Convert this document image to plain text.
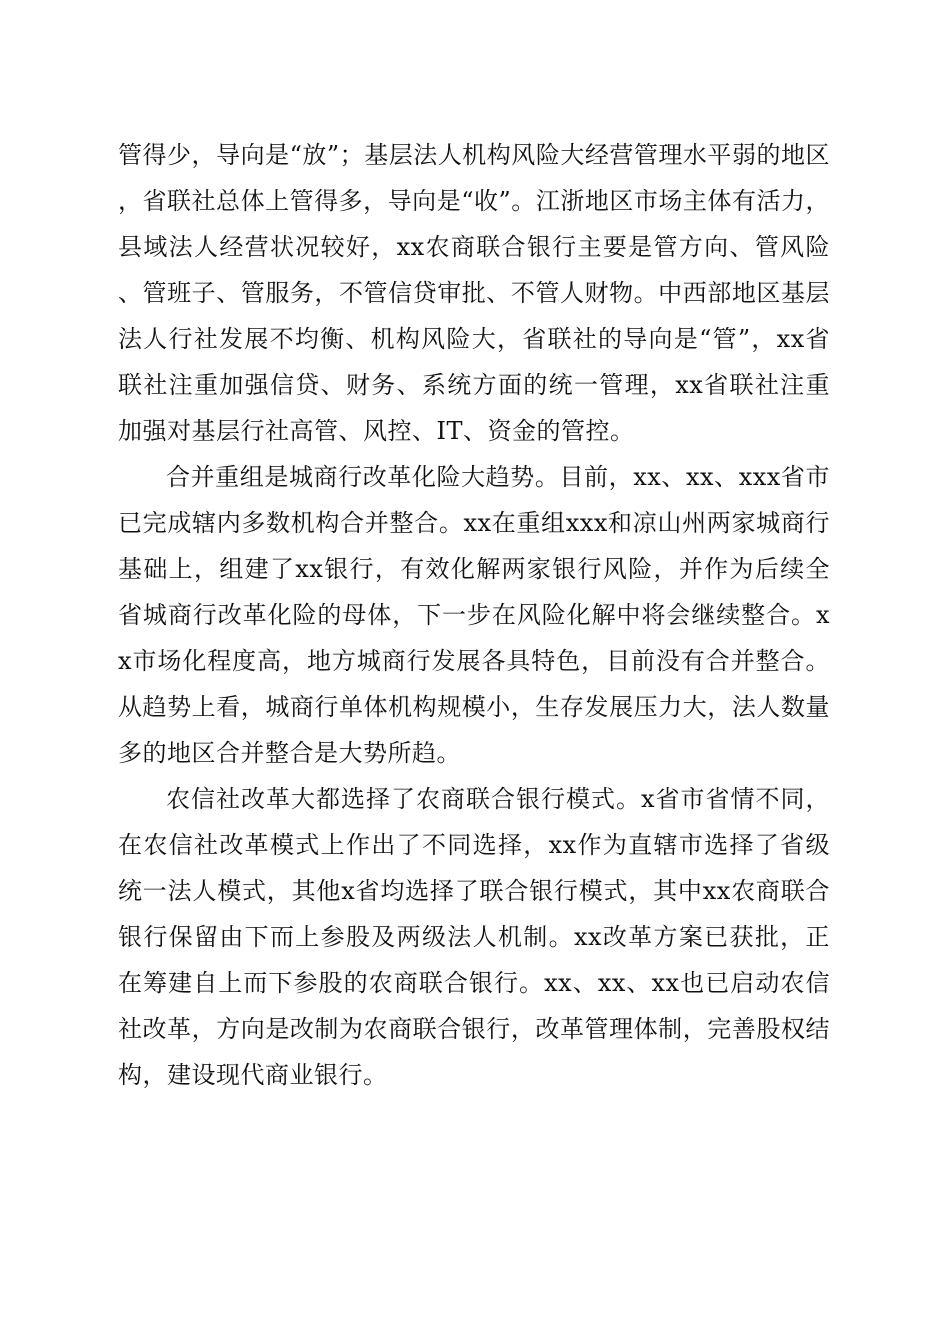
管得少，导向是“放”；基层法人机构风险大经营管理水平弱的地区，省联社总体上管得多，导向是“收”。江浙地区市场主体有活力，县域法人经营状况较好，xx农商联合银行主要是管方向、管风险、管班子、管服务，不管信贷审批、不管人财物。中西部地区基层法人行社发展不均衡、机构风险大，省联社的导向是“管”，xx省联社注重加强信贷、财务、系统方面的统一管理，xx省联社注重加强对基层行社高管、风控、IT、资金的管控。

合并重组是城商行改革化险大趋势。目前，xx、xx、xxx省市已完成辖内多数机构合并整合。xx在重组xxx和凉山州两家城商行基础上，组建了xx银行，有效化解两家银行风险，并作为后续全省城商行改革化险的母体，下一步在风险化解中将会继续整合。xx市场化程度高，地方城商行发展各具特色，目前没有合并整合。从趋势上看，城商行单体机构规模小，生存发展压力大，法人数量多的地区合并整合是大势所趋。

农信社改革大都选择了农商联合银行模式。x省市省情不同，在农信社改革模式上作出了不同选择，xx作为直辖市选择了省级统一法人模式，其他x省均选择了联合银行模式，其中xx农商联合银行保留由下而上参股及两级法人机制。xx改革方案已获批，正在筹建自上而下参股的农商联合银行。xx、xx、xx也已启动农信社改革，方向是改制为农商联合银行，改革管理体制，完善股权结构，建设现代商业银行。
